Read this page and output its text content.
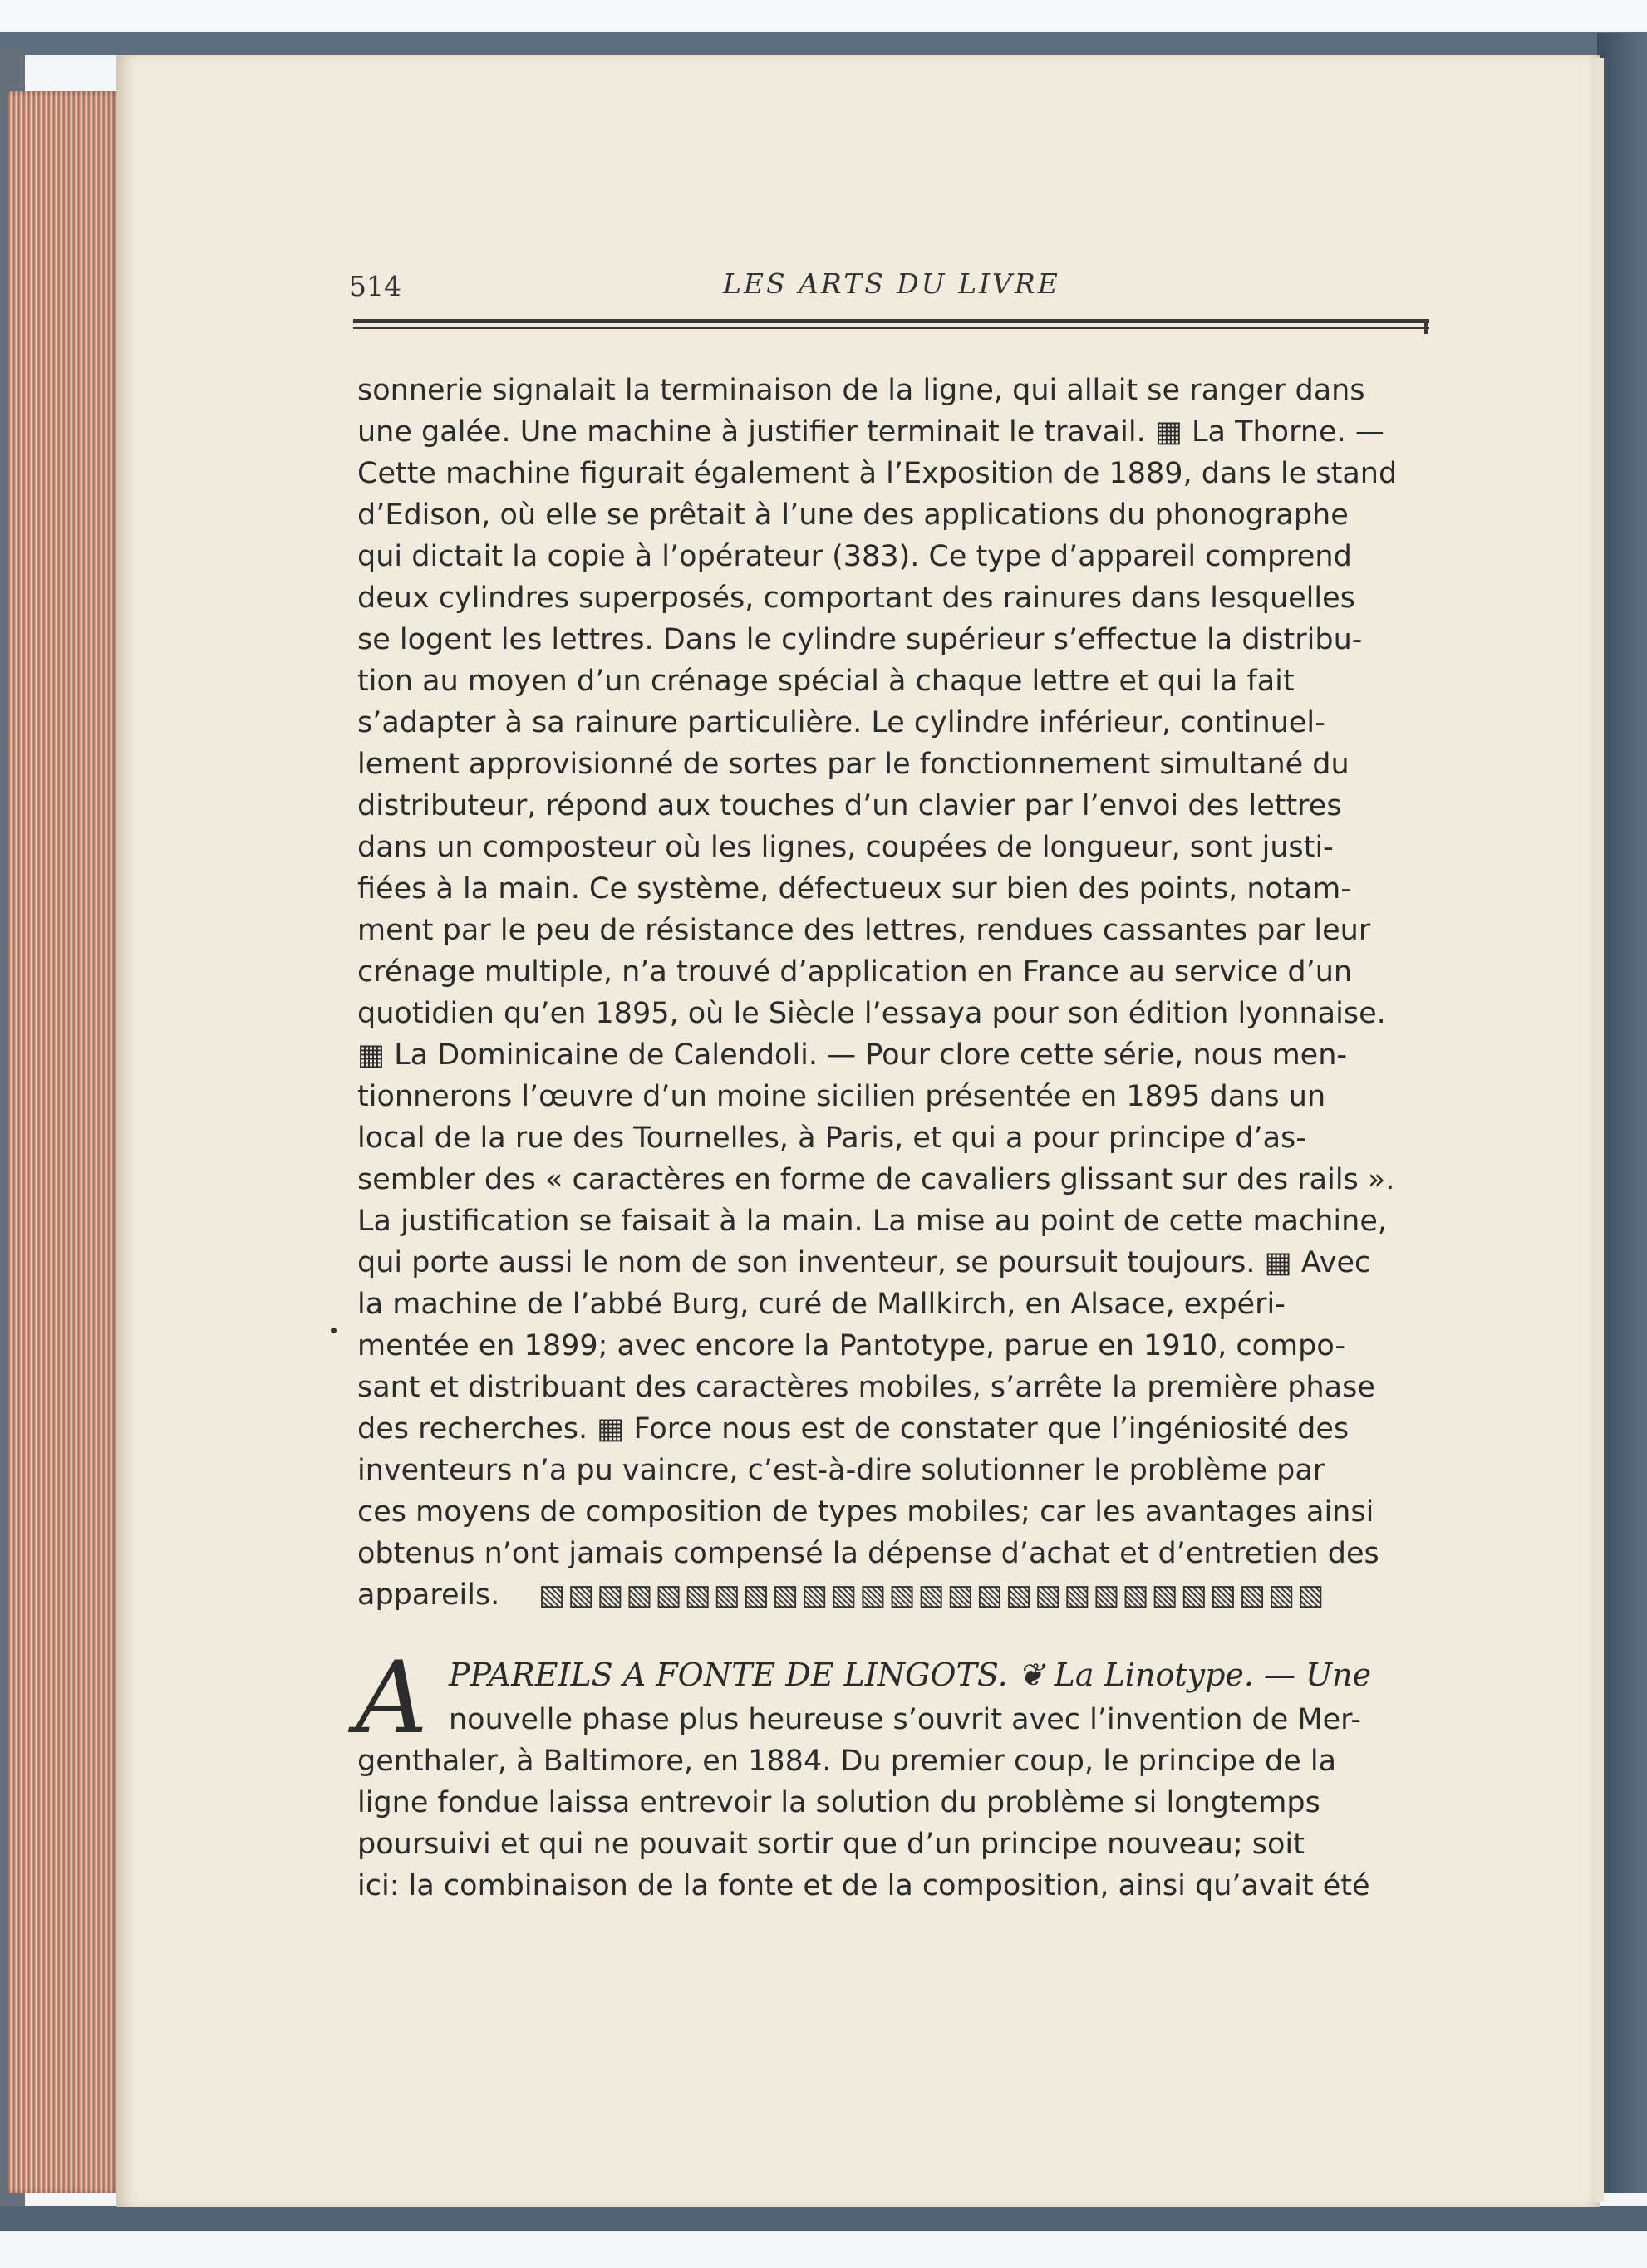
514	LES ARTS DU LIVRE
sonnerie signalait la terminaison de la ligne, qui allait se ranger dans
une galée. Une machine à justifier terminait le travail. ▦ La Thorne. —
Cette machine figurait également à l’Exposition de 1889, dans le stand
d’Edison, où elle se prêtait à l’une des applications du phonographe
qui dictait la copie à l’opérateur (383). Ce type d’appareil comprend
deux cylindres superposés, comportant des rainures dans lesquelles
se logent les lettres. Dans le cylindre supérieur s’effectue la distribu-
tion au moyen d’un crénage spécial à chaque lettre et qui la fait
s’adapter à sa rainure particulière. Le cylindre inférieur, continuel-
lement approvisionné de sortes par le fonctionnement simultané du
distributeur, répond aux touches d’un clavier par l’envoi des lettres
dans un composteur où les lignes, coupées de longueur, sont justi-
fiées à la main. Ce système, défectueux sur bien des points, notam-
ment par le peu de résistance des lettres, rendues cassantes par leur
crénage multiple, n’a trouvé d’application en France au service d’un
quotidien qu’en 1895, où le Siècle l’essaya pour son édition lyonnaise.
▦ La Dominicaine de Calendoli. — Pour clore cette série, nous men-
tionnerons l’œuvre d’un moine sicilien présentée en 1895 dans un
local de la rue des Tournelles, à Paris, et qui a pour principe d’as-
sembler des « caractères en forme de cavaliers glissant sur des rails ».
La justification se faisait à la main. La mise au point de cette machine,
qui porte aussi le nom de son inventeur, se poursuit toujours. ▦ Avec
la machine de l’abbé Burg, curé de Mallkirch, en Alsace, expéri-
mentée en 1899; avec encore la Pantotype, parue en 1910, compo-
sant et distribuant des caractères mobiles, s’arrête la première phase
des recherches. ▦ Force nous est de constater que l’ingéniosité des
inventeurs n’a pu vaincre, c’est-à-dire solutionner le problème par
ces moyens de composition de types mobiles; car les avantages ainsi
obtenus n’ont jamais compensé la dépense d’achat et d’entretien des
appareils.	▧▧▧▧▧▧▧▧▧▧▧▧▧▧▧▧▧▧▧▧▧▧▧▧▧▧▧
A PPAREILS A FONTE DE LINGOTS. ❦ La Linotype. — Une
nouvelle phase plus heureuse s’ouvrit avec l’invention de Mer-
genthaler, à Baltimore, en 1884. Du premier coup, le principe de la
ligne fondue laissa entrevoir la solution du problème si longtemps
poursuivi et qui ne pouvait sortir que d’un principe nouveau; soit
ici: la combinaison de la fonte et de la composition, ainsi qu’avait été
